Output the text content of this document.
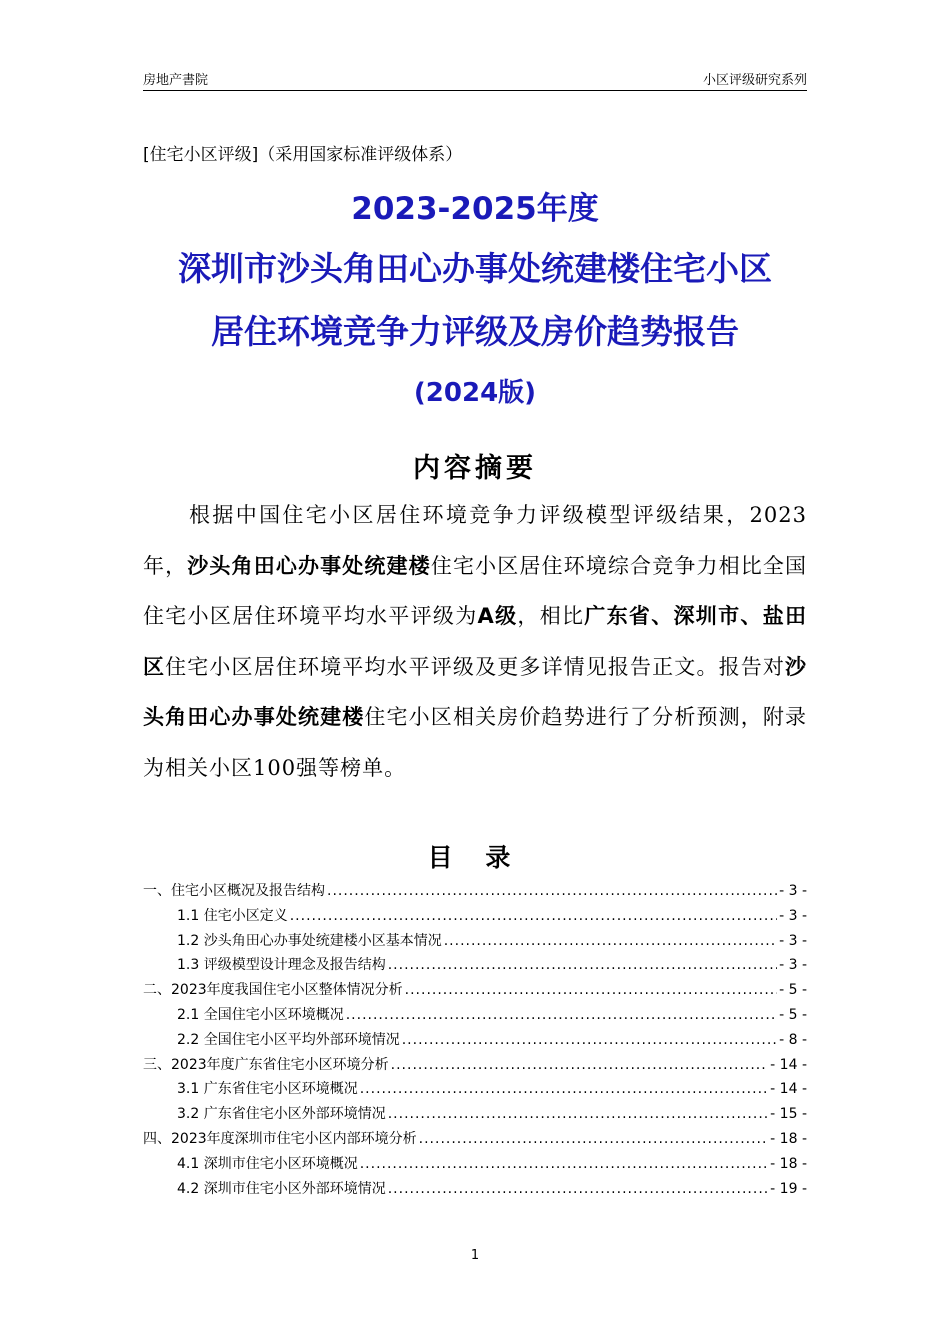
房地产書院	小区评级研究系列
[住宅小区评级]（采用国家标准评级体系）
2023-2025年度
深圳市沙头角田心办事处统建楼住宅小区
居住环境竞争力评级及房价趋势报告
(2024版)
内容摘要
根据中国住宅小区居住环境竞争力评级模型评级结果，2023年，沙头角田心办事处统建楼住宅小区居住环境综合竞争力相比全国住宅小区居住环境平均水平评级为A级，相比广东省、深圳市、盐田区住宅小区居住环境平均水平评级及更多详情见报告正文。报告对沙头角田心办事处统建楼住宅小区相关房价趋势进行了分析预测，附录为相关小区100强等榜单。
目 录
一、住宅小区概况及报告结构 .....	- 3 -
1.1 住宅小区定义 .....	- 3 -
1.2 沙头角田心办事处统建楼小区基本情况 .....	- 3 -
1.3 评级模型设计理念及报告结构 .....	- 3 -
二、2023年度我国住宅小区整体情况分析 .....	- 5 -
2.1 全国住宅小区环境概况 .....	- 5 -
2.2 全国住宅小区平均外部环境情况 .....	- 8 -
三、2023年度广东省住宅小区环境分析 .....	- 14 -
3.1 广东省住宅小区环境概况 .....	- 14 -
3.2 广东省住宅小区外部环境情况 .....	- 15 -
四、2023年度深圳市住宅小区内部环境分析 .....	- 18 -
4.1 深圳市住宅小区环境概况 .....	- 18 -
4.2 深圳市住宅小区外部环境情况 .....	- 19 -
1
